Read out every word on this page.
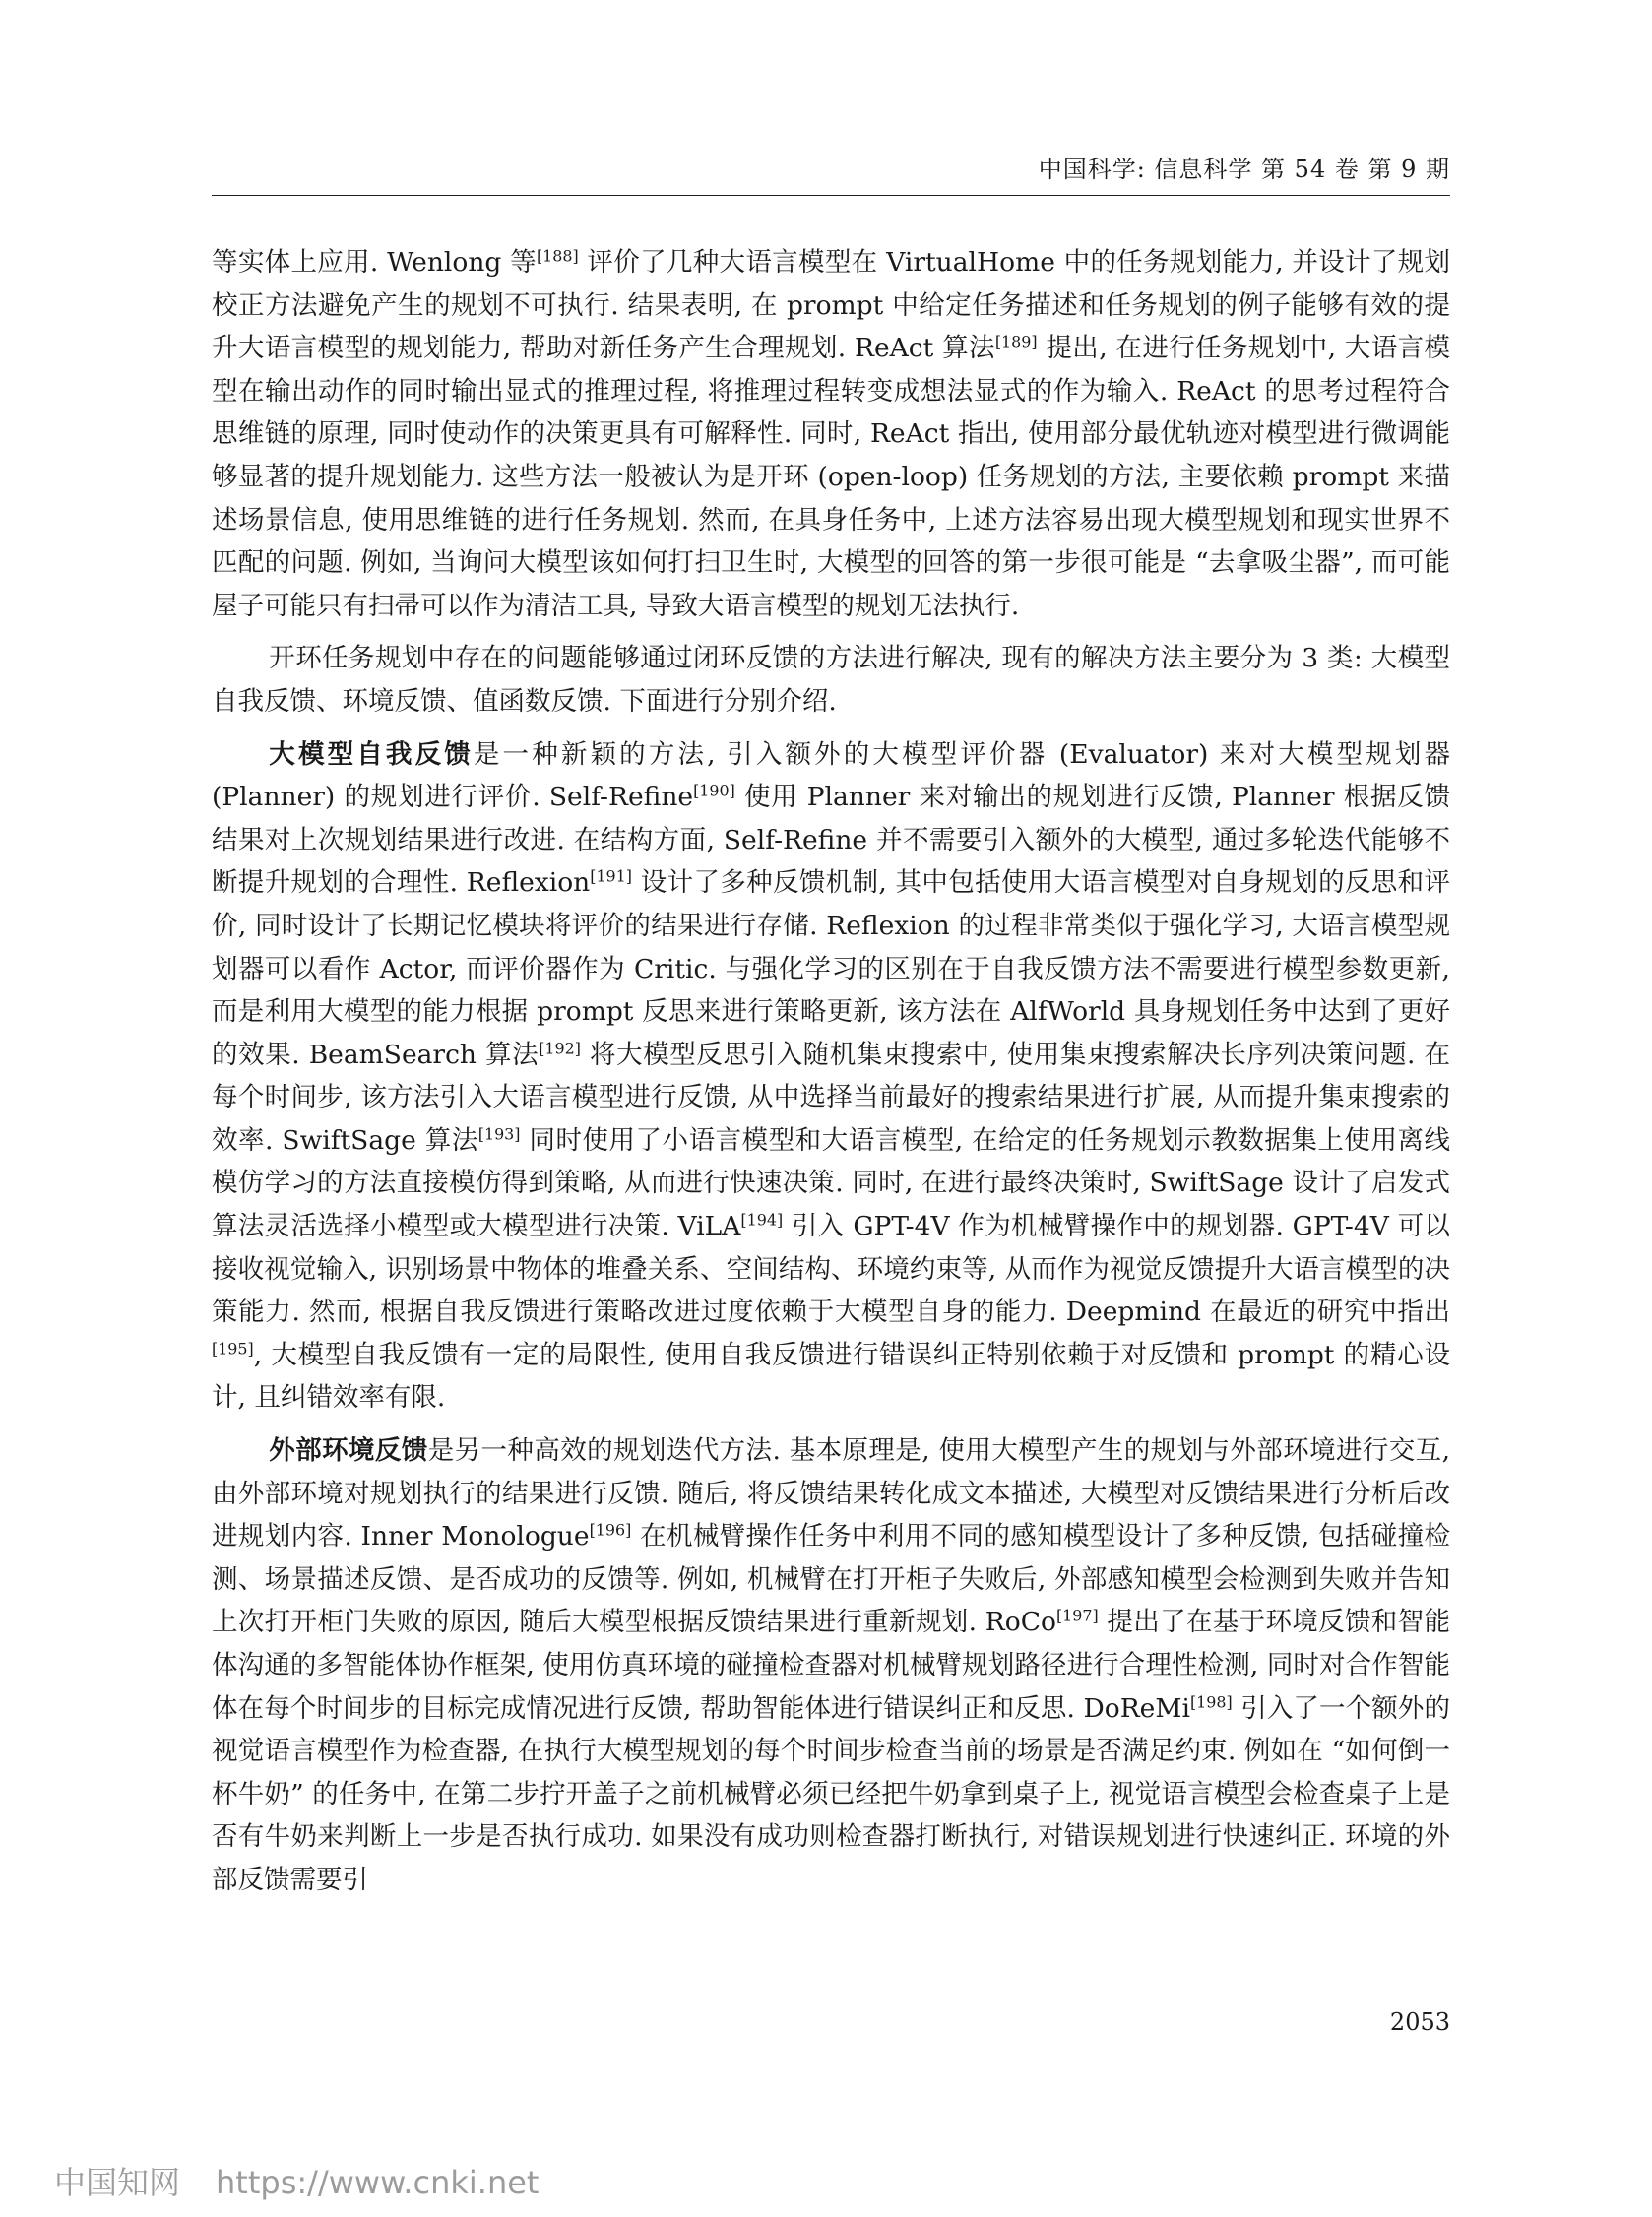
中国科学: 信息科学 第 54 卷 第 9 期

等实体上应用. Wenlong 等[188] 评价了几种大语言模型在 VirtualHome 中的任务规划能力, 并设计了规划校正方法避免产生的规划不可执行. 结果表明, 在 prompt 中给定任务描述和任务规划的例子能够有效的提升大语言模型的规划能力, 帮助对新任务产生合理规划. ReAct 算法[189] 提出, 在进行任务规划中, 大语言模型在输出动作的同时输出显式的推理过程, 将推理过程转变成想法显式的作为输入. ReAct 的思考过程符合思维链的原理, 同时使动作的决策更具有可解释性. 同时, ReAct 指出, 使用部分最优轨迹对模型进行微调能够显著的提升规划能力. 这些方法一般被认为是开环 (open-loop) 任务规划的方法, 主要依赖 prompt 来描述场景信息, 使用思维链的进行任务规划. 然而, 在具身任务中, 上述方法容易出现大模型规划和现实世界不匹配的问题. 例如, 当询问大模型该如何打扫卫生时, 大模型的回答的第一步很可能是 “去拿吸尘器”, 而可能屋子可能只有扫帚可以作为清洁工具, 导致大语言模型的规划无法执行.

开环任务规划中存在的问题能够通过闭环反馈的方法进行解决, 现有的解决方法主要分为 3 类: 大模型自我反馈、环境反馈、值函数反馈. 下面进行分别介绍.

大模型自我反馈是一种新颖的方法, 引入额外的大模型评价器 (Evaluator) 来对大模型规划器 (Planner) 的规划进行评价. Self-Refine[190] 使用 Planner 来对输出的规划进行反馈, Planner 根据反馈结果对上次规划结果进行改进. 在结构方面, Self-Refine 并不需要引入额外的大模型, 通过多轮迭代能够不断提升规划的合理性. Reflexion[191] 设计了多种反馈机制, 其中包括使用大语言模型对自身规划的反思和评价, 同时设计了长期记忆模块将评价的结果进行存储. Reflexion 的过程非常类似于强化学习, 大语言模型规划器可以看作 Actor, 而评价器作为 Critic. 与强化学习的区别在于自我反馈方法不需要进行模型参数更新, 而是利用大模型的能力根据 prompt 反思来进行策略更新, 该方法在 AlfWorld 具身规划任务中达到了更好的效果. BeamSearch 算法[192] 将大模型反思引入随机集束搜索中, 使用集束搜索解决长序列决策问题. 在每个时间步, 该方法引入大语言模型进行反馈, 从中选择当前最好的搜索结果进行扩展, 从而提升集束搜索的效率. SwiftSage 算法[193] 同时使用了小语言模型和大语言模型, 在给定的任务规划示教数据集上使用离线模仿学习的方法直接模仿得到策略, 从而进行快速决策. 同时, 在进行最终决策时, SwiftSage 设计了启发式算法灵活选择小模型或大模型进行决策. ViLA[194] 引入 GPT-4V 作为机械臂操作中的规划器. GPT-4V 可以接收视觉输入, 识别场景中物体的堆叠关系、空间结构、环境约束等, 从而作为视觉反馈提升大语言模型的决策能力. 然而, 根据自我反馈进行策略改进过度依赖于大模型自身的能力. Deepmind 在最近的研究中指出[195], 大模型自我反馈有一定的局限性, 使用自我反馈进行错误纠正特别依赖于对反馈和 prompt 的精心设计, 且纠错效率有限.

外部环境反馈是另一种高效的规划迭代方法. 基本原理是, 使用大模型产生的规划与外部环境进行交互, 由外部环境对规划执行的结果进行反馈. 随后, 将反馈结果转化成文本描述, 大模型对反馈结果进行分析后改进规划内容. Inner Monologue[196] 在机械臂操作任务中利用不同的感知模型设计了多种反馈, 包括碰撞检测、场景描述反馈、是否成功的反馈等. 例如, 机械臂在打开柜子失败后, 外部感知模型会检测到失败并告知上次打开柜门失败的原因, 随后大模型根据反馈结果进行重新规划. RoCo[197] 提出了在基于环境反馈和智能体沟通的多智能体协作框架, 使用仿真环境的碰撞检查器对机械臂规划路径进行合理性检测, 同时对合作智能体在每个时间步的目标完成情况进行反馈, 帮助智能体进行错误纠正和反思. DoReMi[198] 引入了一个额外的视觉语言模型作为检查器, 在执行大模型规划的每个时间步检查当前的场景是否满足约束. 例如在 “如何倒一杯牛奶” 的任务中, 在第二步拧开盖子之前机械臂必须已经把牛奶拿到桌子上, 视觉语言模型会检查桌子上是否有牛奶来判断上一步是否执行成功. 如果没有成功则检查器打断执行, 对错误规划进行快速纠正. 环境的外部反馈需要引

2053
中国知网 https://www.cnki.net
